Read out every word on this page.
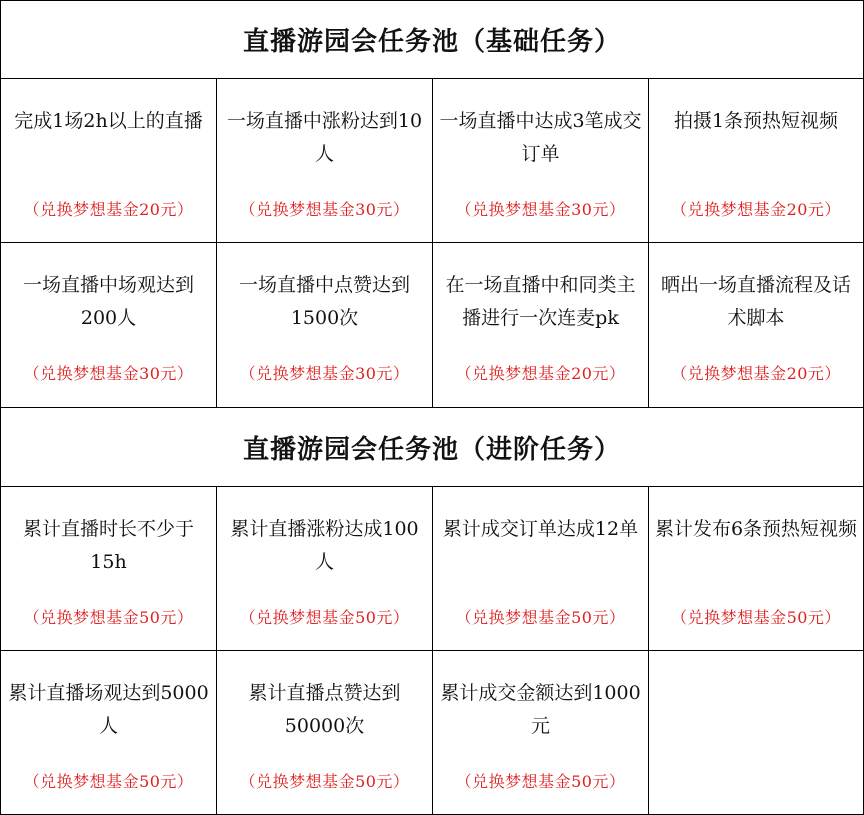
直播游园会任务池（基础任务）
完成1场2h以上的直播
（兑换梦想基金20元）
一场直播中涨粉达到10人
（兑换梦想基金30元）
一场直播中达成3笔成交订单
（兑换梦想基金30元）
拍摄1条预热短视频
（兑换梦想基金20元）
一场直播中场观达到200人
（兑换梦想基金30元）
一场直播中点赞达到1500次
（兑换梦想基金30元）
在一场直播中和同类主播进行一次连麦pk
（兑换梦想基金20元）
晒出一场直播流程及话术脚本
（兑换梦想基金20元）
直播游园会任务池（进阶任务）
累计直播时长不少于15h
（兑换梦想基金50元）
累计直播涨粉达成100人
（兑换梦想基金50元）
累计成交订单达成12单
（兑换梦想基金50元）
累计发布6条预热短视频
（兑换梦想基金50元）
累计直播场观达到5000人
（兑换梦想基金50元）
累计直播点赞达到50000次
（兑换梦想基金50元）
累计成交金额达到1000元
（兑换梦想基金50元）
